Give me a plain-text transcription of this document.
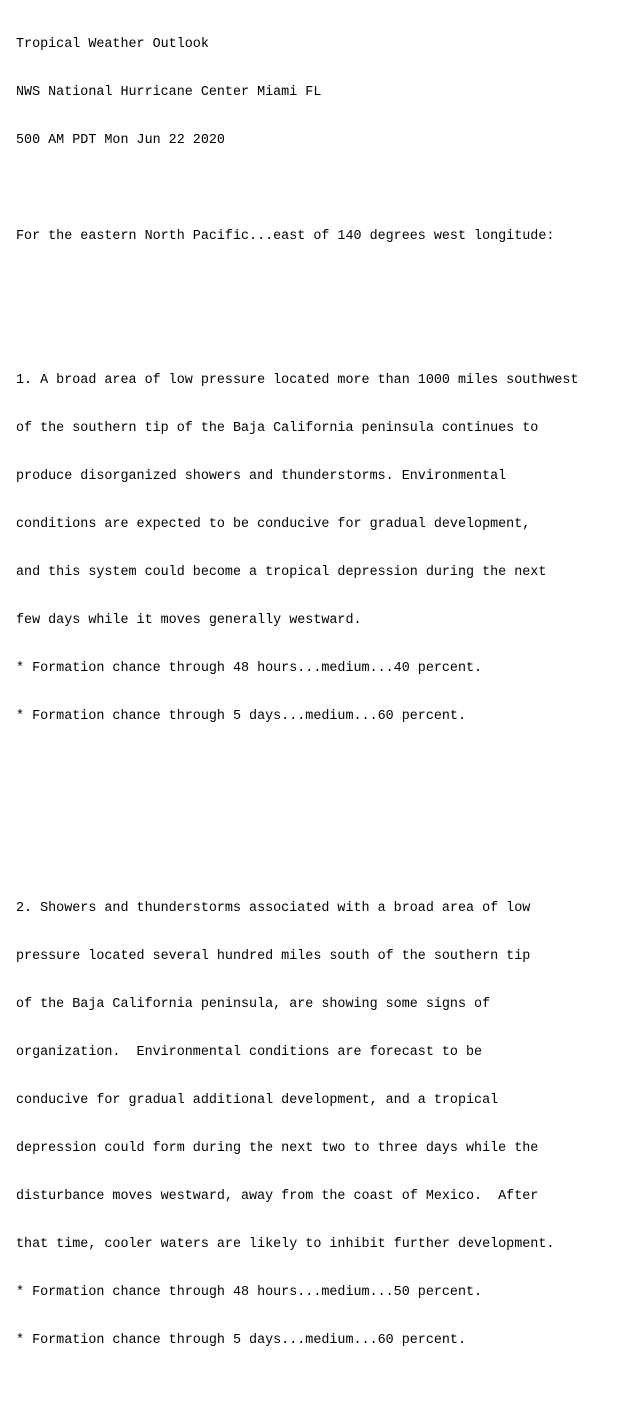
Tropical Weather Outlook

NWS National Hurricane Center Miami FL

500 AM PDT Mon Jun 22 2020

For the eastern North Pacific...east of 140 degrees west longitude:

1. A broad area of low pressure located more than 1000 miles southwest

of the southern tip of the Baja California peninsula continues to

produce disorganized showers and thunderstorms. Environmental

conditions are expected to be conducive for gradual development,

and this system could become a tropical depression during the next

few days while it moves generally westward.

* Formation chance through 48 hours...medium...40 percent.

* Formation chance through 5 days...medium...60 percent.

2. Showers and thunderstorms associated with a broad area of low

pressure located several hundred miles south of the southern tip

of the Baja California peninsula, are showing some signs of

organization.  Environmental conditions are forecast to be

conducive for gradual additional development, and a tropical

depression could form during the next two to three days while the

disturbance moves westward, away from the coast of Mexico.  After

that time, cooler waters are likely to inhibit further development.

* Formation chance through 48 hours...medium...50 percent.

* Formation chance through 5 days...medium...60 percent.
